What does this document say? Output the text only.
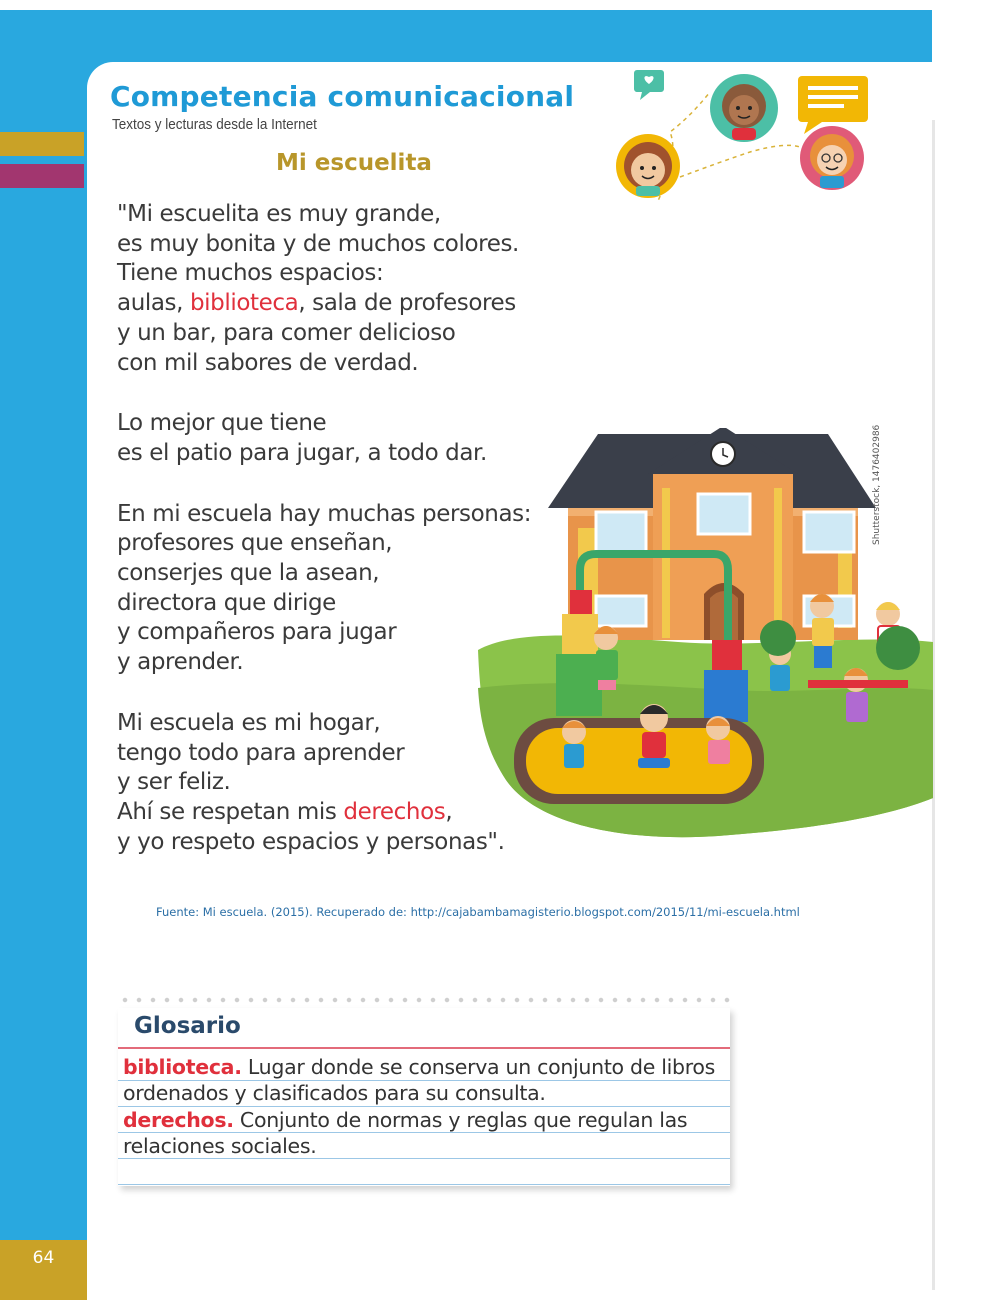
64
Competencia comunicacional
Textos y lecturas desde la Internet
Mi escuelita

"Mi escuelita es muy grande,
es muy bonita y de muchos colores.
Tiene muchos espacios:
aulas, biblioteca, sala de profesores
y un bar, para comer delicioso
con mil sabores de verdad.

Lo mejor que tiene
es el patio para jugar, a todo dar.

En mi escuela hay muchas personas:
profesores que enseñan,
conserjes que la asean,
directora que dirige
y compañeros para jugar
y aprender.

Mi escuela es mi hogar,
tengo todo para aprender
y ser feliz.
Ahí se respetan mis derechos,
y yo respeto espacios y personas".

Shutterstock, 1476402986
Fuente: Mi escuela. (2015). Recuperado de: http://cajabambamagisterio.blogspot.com/2015/11/mi-escuela.html
Glosario
biblioteca. Lugar donde se conserva un conjunto de libros ordenados y clasificados para su consulta.
derechos. Conjunto de normas y reglas que regulan las relaciones sociales.
